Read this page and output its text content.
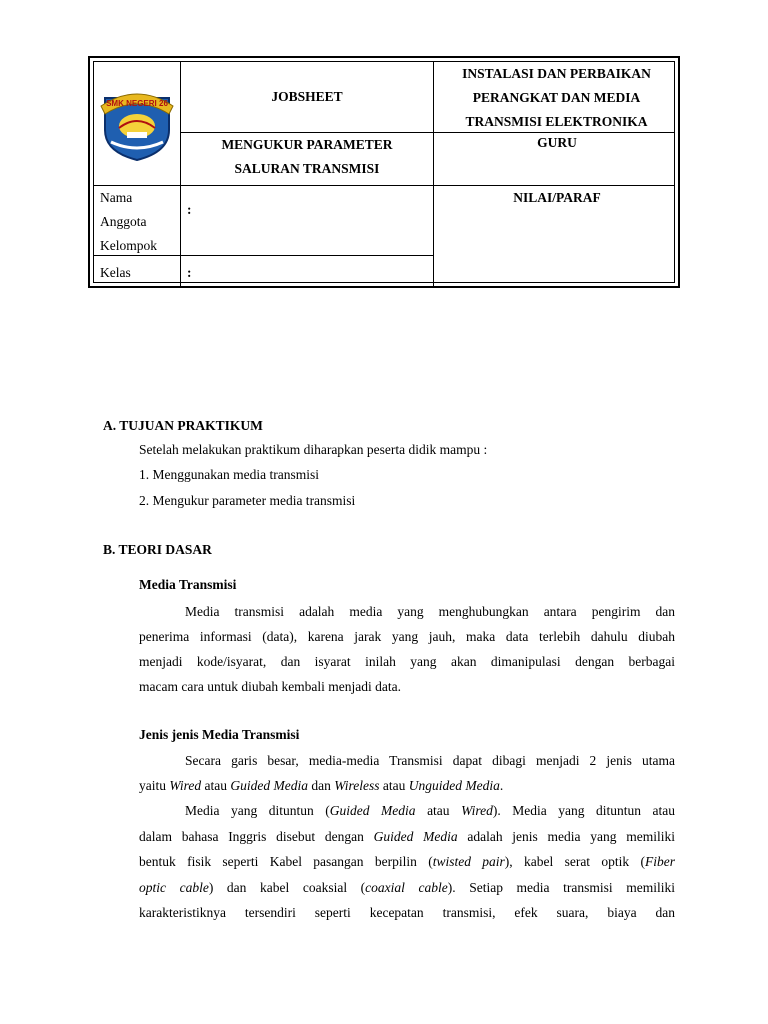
SMK NEGERI 26	JOBSHEET
INSTALASI DAN PERBAIKAN PERANGKAT DAN MEDIA TRANSMISI ELEKTRONIKA
MENGUKUR PARAMETER
SALURAN TRANSMISI
GURU
Nama
Anggota
Kelompok
:
NILAI/PARAF
Kelas	:
A. TUJUAN PRAKTIKUM
Setelah melakukan praktikum diharapkan peserta didik mampu :
1. Menggunakan media transmisi
2. Mengukur parameter media transmisi
B. TEORI DASAR
Media Transmisi
Media transmisi adalah media yang menghubungkan antara pengirim dan
penerima informasi (data), karena jarak yang jauh, maka data terlebih dahulu diubah
menjadi kode/isyarat, dan isyarat inilah yang akan dimanipulasi dengan berbagai
macam cara untuk diubah kembali menjadi data.
Jenis jenis Media Transmisi
Secara garis besar, media-media Transmisi dapat dibagi menjadi 2 jenis utama
yaitu Wired atau Guided Media dan Wireless atau Unguided Media.
Media yang dituntun (Guided Media atau Wired). Media yang dituntun atau
dalam bahasa Inggris disebut dengan Guided Media adalah jenis media yang memiliki
bentuk fisik seperti Kabel pasangan berpilin (twisted pair), kabel serat optik (Fiber
optic cable) dan kabel coaksial (coaxial cable). Setiap media transmisi memiliki
karakteristiknya tersendiri seperti kecepatan transmisi, efek suara, biaya dan
